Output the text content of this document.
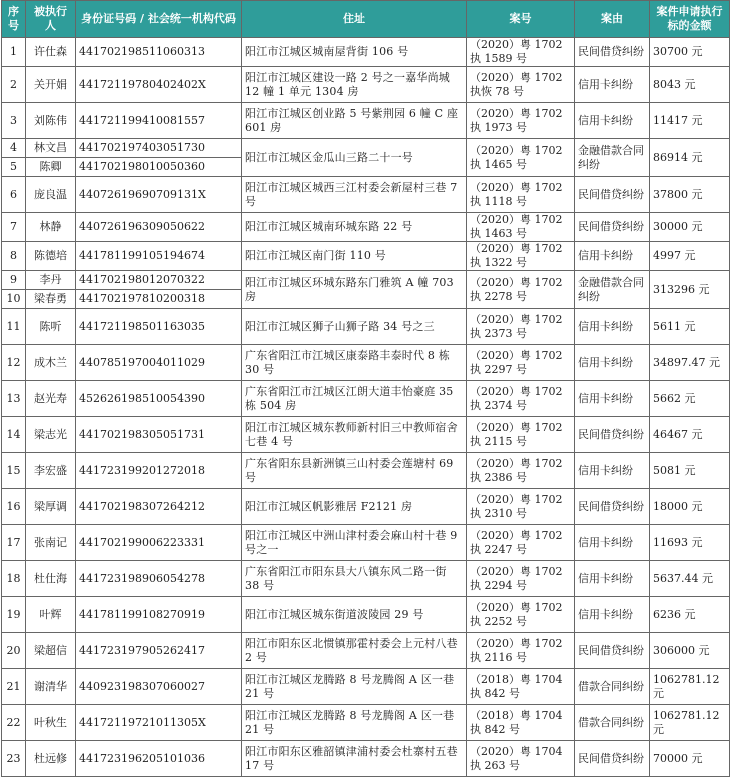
序号	被执行人	身份证号码 / 社会统一机构代码	住址	案号	案由	案件申请执行标的金额
1	许仕森	441702198511060313	阳江市江城区城南屋背街 106 号	（2020）粤 1702 执 1589 号	民间借贷纠纷	30700 元
2	关开娟	44172119780402402X	阳江市江城区建设一路 2 号之一嘉华尚城 12 幢 1 单元 1304 房	（2020）粤 1702 执恢 78 号	信用卡纠纷	8043 元
3	刘陈伟	441721199410081557	阳江市江城区创业路 5 号紫荆园 6 幢 C 座 601 房	（2020）粤 1702 执 1973 号	信用卡纠纷	11417 元
4	林文昌	441702197403051730	阳江市江城区金瓜山三路二十一号	（2020）粤 1702 执 1465 号	金融借款合同纠纷	86914 元
5	陈卿	441702198010050360				
6	庞良温	44072619690709131X	阳江市江城区城西三江村委会新屋村三巷 7 号	（2020）粤 1702 执 1118 号	民间借贷纠纷	37800 元
7	林静	440726196309050622	阳江市江城区城南环城东路 22 号	（2020）粤 1702 执 1463 号	民间借贷纠纷	30000 元
8	陈德培	441781199105194674	阳江市江城区南门街 110 号	（2020）粤 1702 执 1322 号	信用卡纠纷	4997 元
9	李丹	441702198012070322	阳江市江城区环城东路东门雅筑 A 幢 703 房	（2020）粤 1702 执 2278 号	金融借款合同纠纷	313296 元
10	梁春勇	441702197810200318				
11	陈听	441721198501163035	阳江市江城区狮子山狮子路 34 号之三	（2020）粤 1702 执 2373 号	信用卡纠纷	5611 元
12	成木兰	440785197004011029	广东省阳江市江城区康泰路丰泰时代 8 栋 30 号	（2020）粤 1702 执 2297 号	信用卡纠纷	34897.47 元
13	赵光寿	452626198510054390	广东省阳江市江城区江朗大道丰怡豪庭 35 栋 504 房	（2020）粤 1702 执 2374 号	信用卡纠纷	5662 元
14	梁志光	441702198305051731	阳江市江城区城东教师新村旧三中教师宿舍七巷 4 号	（2020）粤 1702 执 2115 号	民间借贷纠纷	46467 元
15	李宏盛	441723199201272018	广东省阳东县新洲镇三山村委会莲塘村 69 号	（2020）粤 1702 执 2386 号	信用卡纠纷	5081 元
16	梁厚调	441702198307264212	阳江市江城区帆影雅居 F2121 房	（2020）粤 1702 执 2310 号	民间借贷纠纷	18000 元
17	张南记	441702199006223331	阳江市江城区中洲山津村委会麻山村十巷 9 号之一	（2020）粤 1702 执 2247 号	信用卡纠纷	11693 元
18	杜仕海	441723198906054278	广东省阳江市阳东县大八镇东风二路一街 38 号	（2020）粤 1702 执 2294 号	信用卡纠纷	5637.44 元
19	叶辉	441781199108270919	阳江市江城区城东街道波陵园 29 号	（2020）粤 1702 执 2252 号	信用卡纠纷	6236 元
20	梁超信	441723197905262417	阳江市阳东区北惯镇那霍村委会上元村八巷 2 号	（2020）粤 1702 执 2116 号	民间借贷纠纷	306000 元
21	谢清华	440923198307060027	阳江市江城区龙腾路 8 号龙腾阁 A 区一巷 21 号	（2018）粤 1704 执 842 号	借款合同纠纷	1062781.12 元
22	叶秋生	44172119721011305X	阳江市江城区龙腾路 8 号龙腾阁 A 区一巷 21 号	（2018）粤 1704 执 842 号	借款合同纠纷	1062781.12 元
23	杜远修	441723196205101036	阳江市阳东区雅韶镇津浦村委会杜寨村五巷 17 号	（2020）粤 1704 执 263 号	民间借贷纠纷	70000 元
